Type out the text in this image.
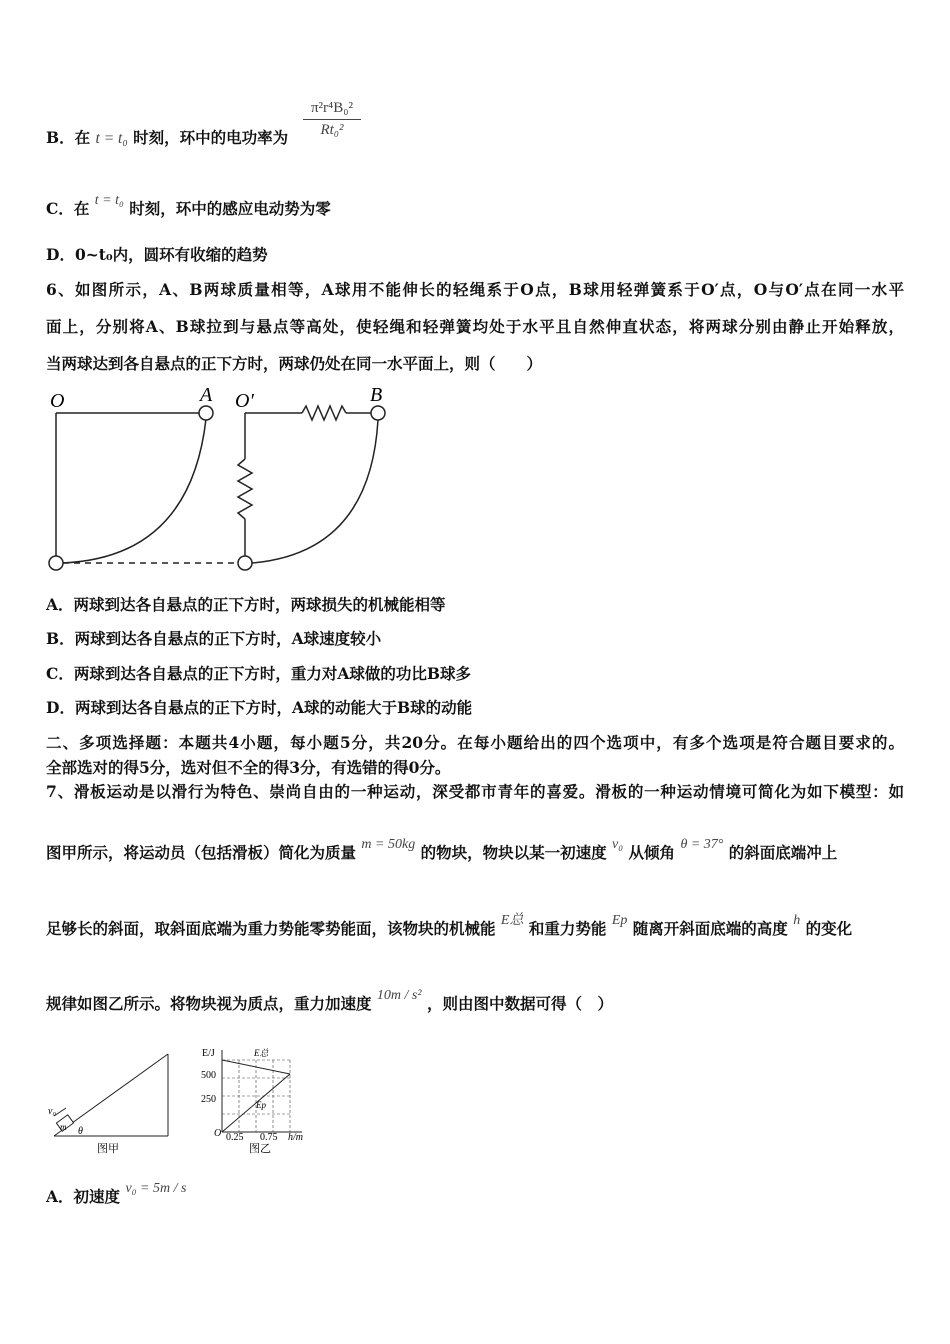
B．在 t = t₀ 时刻，环中的电功率为 $\frac{\text{π²r⁴B₀²}}{\text{Rt₀²}}$
C．在 t = t₀ 时刻，环中的感应电动势为零
D．0~t₀内，圆环有收缩的趋势
6、如图所示，A、B两球质量相等，A球用不能伸长的轻绳系于O点，B球用轻弹簧系于O′点，O与O′点在同一水平
面上，分别将A、B球拉到与悬点等高处，使轻绳和轻弹簧均处于水平且自然伸直状态，将两球分别由静止开始释放，
当两球达到各自悬点的正下方时，两球仍处在同一水平面上，则（　　）
O	A O′	B
A．两球到达各自悬点的正下方时，两球损失的机械能相等
B．两球到达各自悬点的正下方时，A球速度较小
C．两球到达各自悬点的正下方时，重力对A球做的功比B球多
D．两球到达各自悬点的正下方时，A球的动能大于B球的动能
二、多项选择题：本题共4小题，每小题5分，共20分。在每小题给出的四个选项中，有多个选项是符合题目要求的。
全部选对的得5分，选对但不全的得3分，有选错的得0分。
7、滑板运动是以滑行为特色、崇尚自由的一种运动，深受都市青年的喜爱。滑板的一种运动情境可简化为如下模型：如
图甲所示，将运动员（包括滑板）简化为质量 m = 50kg 的物块，物块以某一初速度 v₀ 从倾角 θ = 37° 的斜面底端冲上
足够长的斜面，取斜面底端为重力势能零势能面，该物块的机械能 E总 和重力势能 Ep 随离开斜面底端的高度 h 的变化
规律如图乙所示。将物块视为质点，重力加速度 10m / s² ，则由图中数据可得（　）
v₀
m θ
图甲
E/J	E总
Ep
500
250
O 0.25 0.75 h/m
图乙
A．初速度 v₀ = 5m / s
